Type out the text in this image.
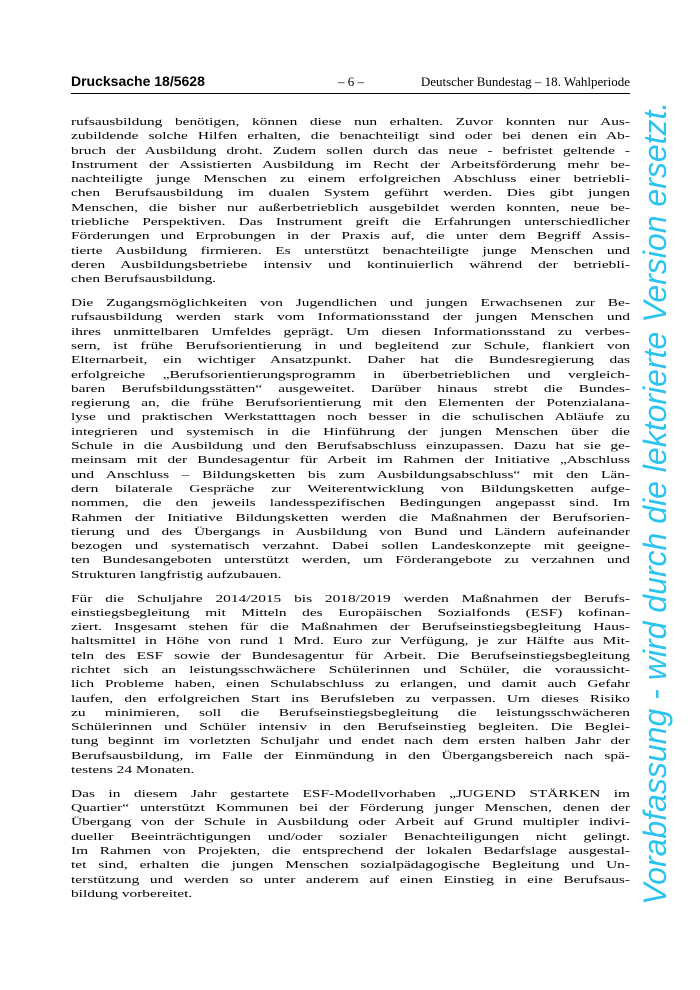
Drucksache 18/5628	– 6 –	Deutscher Bundestag – 18. Wahlperiode

rufsausbildung benötigen, können diese nun erhalten. Zuvor konnten nur Aus-
zubildende solche Hilfen erhalten, die benachteiligt sind oder bei denen ein Ab-
bruch der Ausbildung droht. Zudem sollen durch das neue - befristet geltende -
Instrument der Assistierten Ausbildung im Recht der Arbeitsförderung mehr be-
nachteiligte junge Menschen zu einem erfolgreichen Abschluss einer betriebli-
chen Berufsausbildung im dualen System geführt werden. Dies gibt jungen
Menschen, die bisher nur außerbetrieblich ausgebildet werden konnten, neue be-
triebliche Perspektiven. Das Instrument greift die Erfahrungen unterschiedlicher
Förderungen und Erprobungen in der Praxis auf, die unter dem Begriff Assis-
tierte Ausbildung firmieren. Es unterstützt benachteiligte junge Menschen und
deren Ausbildungsbetriebe intensiv und kontinuierlich während der betriebli-
chen Berufsausbildung.

Die Zugangsmöglichkeiten von Jugendlichen und jungen Erwachsenen zur Be-
rufsausbildung werden stark vom Informationsstand der jungen Menschen und
ihres unmittelbaren Umfeldes geprägt. Um diesen Informationsstand zu verbes-
sern, ist frühe Berufsorientierung in und begleitend zur Schule, flankiert von
Elternarbeit, ein wichtiger Ansatzpunkt. Daher hat die Bundesregierung das
erfolgreiche „Berufsorientierungsprogramm in überbetrieblichen und vergleich-
baren Berufsbildungsstätten“ ausgeweitet. Darüber hinaus strebt die Bundes-
regierung an, die frühe Berufsorientierung mit den Elementen der Potenzialana-
lyse und praktischen Werkstatttagen noch besser in die schulischen Abläufe zu
integrieren und systemisch in die Hinführung der jungen Menschen über die
Schule in die Ausbildung und den Berufsabschluss einzupassen. Dazu hat sie ge-
meinsam mit der Bundesagentur für Arbeit im Rahmen der Initiative „Abschluss
und Anschluss – Bildungsketten bis zum Ausbildungsabschluss“ mit den Län-
dern bilaterale Gespräche zur Weiterentwicklung von Bildungsketten aufge-
nommen, die den jeweils landesspezifischen Bedingungen angepasst sind. Im
Rahmen der Initiative Bildungsketten werden die Maßnahmen der Berufsorien-
tierung und des Übergangs in Ausbildung von Bund und Ländern aufeinander
bezogen und systematisch verzahnt. Dabei sollen Landeskonzepte mit geeigne-
ten Bundesangeboten unterstützt werden, um Förderangebote zu verzahnen und
Strukturen langfristig aufzubauen.

Für die Schuljahre 2014/2015 bis 2018/2019 werden Maßnahmen der Berufs-
einstiegsbegleitung mit Mitteln des Europäischen Sozialfonds (ESF) kofinan-
ziert. Insgesamt stehen für die Maßnahmen der Berufseinstiegsbegleitung Haus-
haltsmittel in Höhe von rund 1 Mrd. Euro zur Verfügung, je zur Hälfte aus Mit-
teln des ESF sowie der Bundesagentur für Arbeit. Die Berufseinstiegsbegleitung
richtet sich an leistungsschwächere Schülerinnen und Schüler, die voraussicht-
lich Probleme haben, einen Schulabschluss zu erlangen, und damit auch Gefahr
laufen, den erfolgreichen Start ins Berufsleben zu verpassen. Um dieses Risiko
zu minimieren, soll die Berufseinstiegsbegleitung die leistungsschwächeren
Schülerinnen und Schüler intensiv in den Berufseinstieg begleiten. Die Beglei-
tung beginnt im vorletzten Schuljahr und endet nach dem ersten halben Jahr der
Berufsausbildung, im Falle der Einmündung in den Übergangsbereich nach spä-
testens 24 Monaten.

Das in diesem Jahr gestartete ESF-Modellvorhaben „JUGEND STÄRKEN im
Quartier“ unterstützt Kommunen bei der Förderung junger Menschen, denen der
Übergang von der Schule in Ausbildung oder Arbeit auf Grund multipler indivi-
dueller Beeinträchtigungen und/oder sozialer Benachteiligungen nicht gelingt.
Im Rahmen von Projekten, die entsprechend der lokalen Bedarfslage ausgestal-
tet sind, erhalten die jungen Menschen sozialpädagogische Begleitung und Un-
terstützung und werden so unter anderem auf einen Einstieg in eine Berufsaus-
bildung vorbereitet.	Vorabfassung - wird durch die lektorierte Version ersetzt.
